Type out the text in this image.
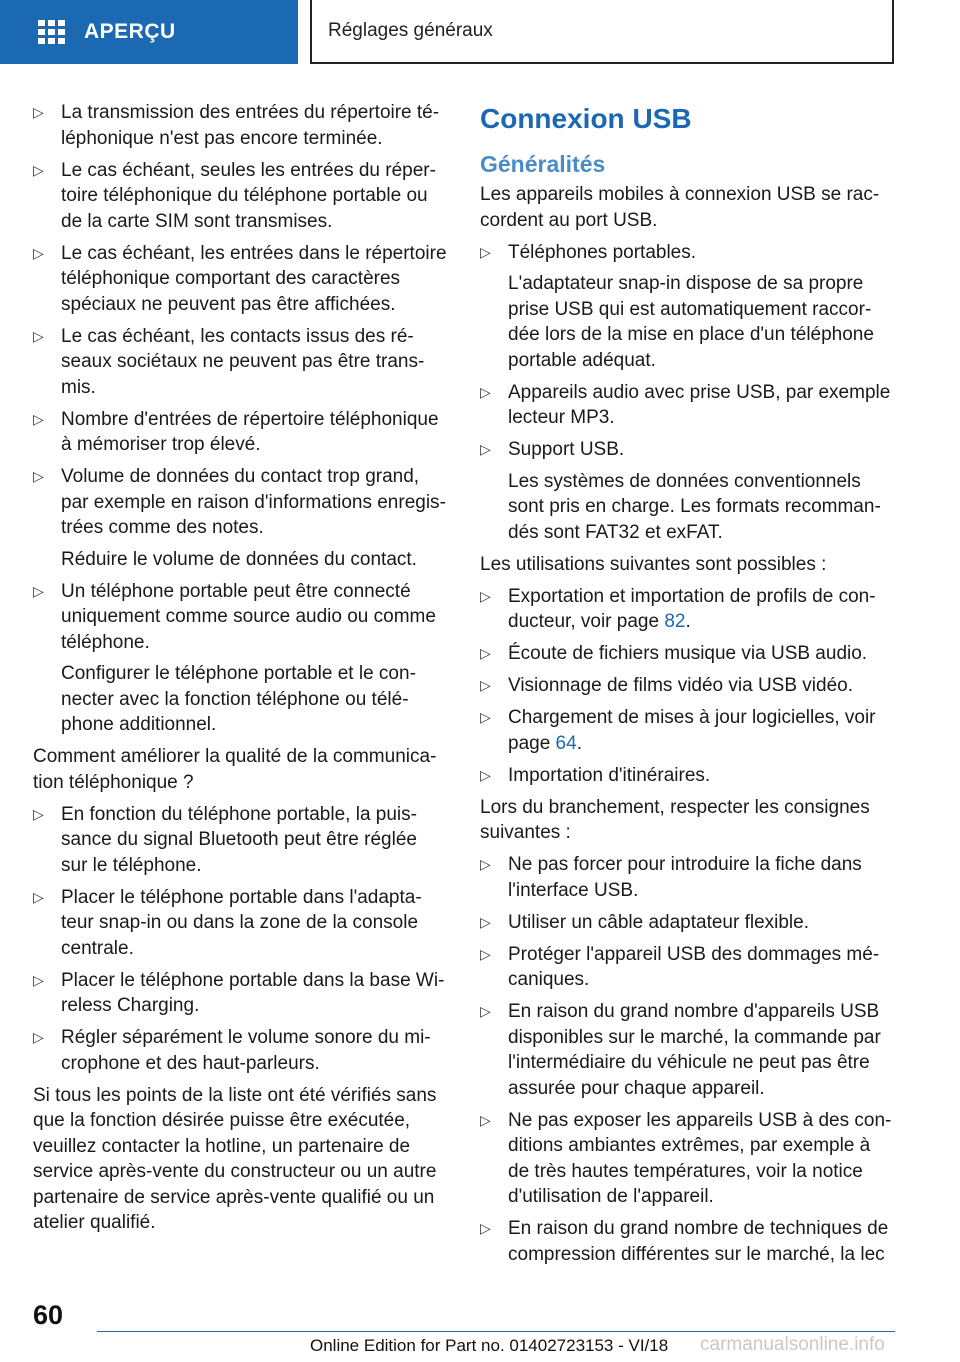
APERÇU	Réglages généraux
▷ La transmission des entrées du répertoire téléphonique n'est pas encore terminée.

▷ Le cas échéant, seules les entrées du répertoire téléphonique du téléphone portable ou de la carte SIM sont transmises.

▷ Le cas échéant, les entrées dans le répertoire téléphonique comportant des caractères spéciaux ne peuvent pas être affichées.

▷ Le cas échéant, les contacts issus des réseaux sociétaux ne peuvent pas être transmis.

▷ Nombre d'entrées de répertoire téléphonique à mémoriser trop élevé.

▷ Volume de données du contact trop grand, par exemple en raison d'informations enregistrées comme des notes.

Réduire le volume de données du contact.

▷ Un téléphone portable peut être connecté uniquement comme source audio ou comme téléphone.

Configurer le téléphone portable et le connecter avec la fonction téléphone ou téléphone additionnel.

Comment améliorer la qualité de la communication téléphonique ?

▷ En fonction du téléphone portable, la puissance du signal Bluetooth peut être réglée sur le téléphone.

▷ Placer le téléphone portable dans l'adaptateur snap-in ou dans la zone de la console centrale.

▷ Placer le téléphone portable dans la base Wireless Charging.

▷ Régler séparément le volume sonore du microphone et des haut-parleurs.

Si tous les points de la liste ont été vérifiés sans que la fonction désirée puisse être exécutée, veuillez contacter la hotline, un partenaire de service après-vente du constructeur ou un autre partenaire de service après-vente qualifié ou un atelier qualifié.

Connexion USB
Généralités

Les appareils mobiles à connexion USB se raccordent au port USB.

▷ Téléphones portables.

L'adaptateur snap-in dispose de sa propre prise USB qui est automatiquement raccordée lors de la mise en place d'un téléphone portable adéquat.

▷ Appareils audio avec prise USB, par exemple lecteur MP3.

▷ Support USB.

Les systèmes de données conventionnels sont pris en charge. Les formats recommandés sont FAT32 et exFAT.

Les utilisations suivantes sont possibles :

▷ Exportation et importation de profils de conducteur, voir page 82.

▷ Écoute de fichiers musique via USB audio.

▷ Visionnage de films vidéo via USB vidéo.

▷ Chargement de mises à jour logicielles, voir page 64.

▷ Importation d'itinéraires.

Lors du branchement, respecter les consignes suivantes :

▷ Ne pas forcer pour introduire la fiche dans l'interface USB.

▷ Utiliser un câble adaptateur flexible.

▷ Protéger l'appareil USB des dommages mécaniques.

▷ En raison du grand nombre d'appareils USB disponibles sur le marché, la commande par l'intermédiaire du véhicule ne peut pas être assurée pour chaque appareil.

▷ Ne pas exposer les appareils USB à des conditions ambiantes extrêmes, par exemple à de très hautes températures, voir la notice d'utilisation de l'appareil.

▷ En raison du grand nombre de techniques de compression différentes sur le marché, la lec

60
Online Edition for Part no. 01402723153 - VI/18 carmanualsonline.info
